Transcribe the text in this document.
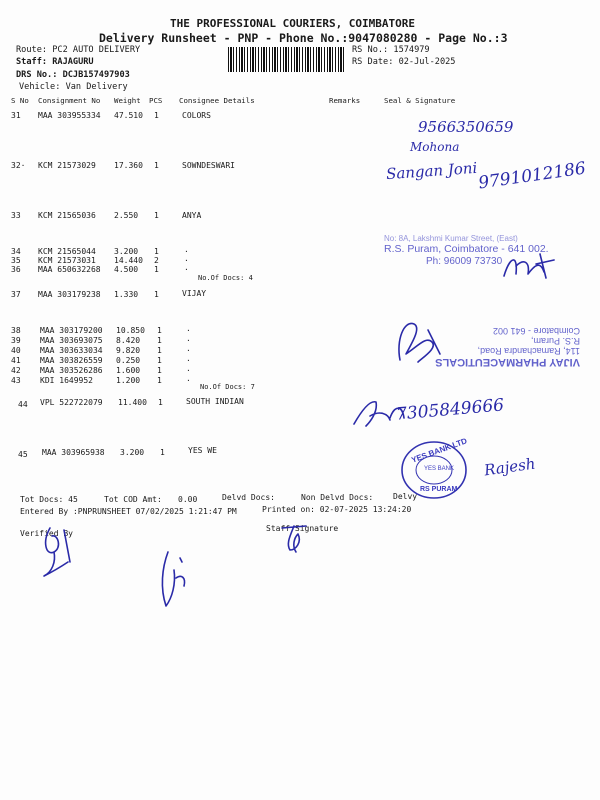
THE PROFESSIONAL COURIERS, COIMBATORE
Delivery Runsheet - PNP - Phone No.:9047080280 - Page No.:3
Route: PC2 AUTO DELIVERY
Staff: RAJAGURU
DRS No.: DCJB157497903
Vehicle: Van Delivery
RS No.: 1574979
RS Date: 02-Jul-2025
S No Consignment No Weight PCS Consignee Details	Remarks	Seal & Signature
31 MAA 303955334 47.510 1	COLORS
32· KCM 21573029 17.360 1	SOWNDESWARI
33 KCM 21565036 2.550 1	ANYA
34 KCM 21565044 3.200 1	.
35 KCM 21573031 14.440 2	.
36 MAA 650632268 4.500 1	.
No.Of Docs: 4
37 MAA 303179238 1.330 1	VIJAY
38 MAA 303179200 10.850 1	.
39 MAA 303693075 8.420 1	.
40 MAA 303633034 9.820 1	.
41 MAA 303826559 0.250 1	.
42 MAA 303526286 1.600 1	.
43 KDI 1649952	1.200 1	.
No.Of Docs: 7
44 VPL 522722079 11.400 1	SOUTH INDIAN
45 MAA 303965938 3.200 1	YES WE
9566350659
Mohona
Sangan Joni 9791012186
No: 8A, Lakshmi Kumar Street, (East)
R.S. Puram, Coimbatore - 641 002.
Ph: 96009 73730
VIJAY PHARMACEUTICALS
114, Ramachandra Road,
R.S. Puram,
Coimbatore - 641 002
7305849666
YES BANK LTD
YES BANK
RS PURAM
Rajesh
Tot Docs: 45	Tot COD Amt: 0.00	Delvd Docs:	Non Delvd Docs: Delvy
Entered By :PNPRUNSHEET 07/02/2025 1:21:47 PM	Printed on: 02-07-2025 13:24:20
Verified By
Staff Signature
